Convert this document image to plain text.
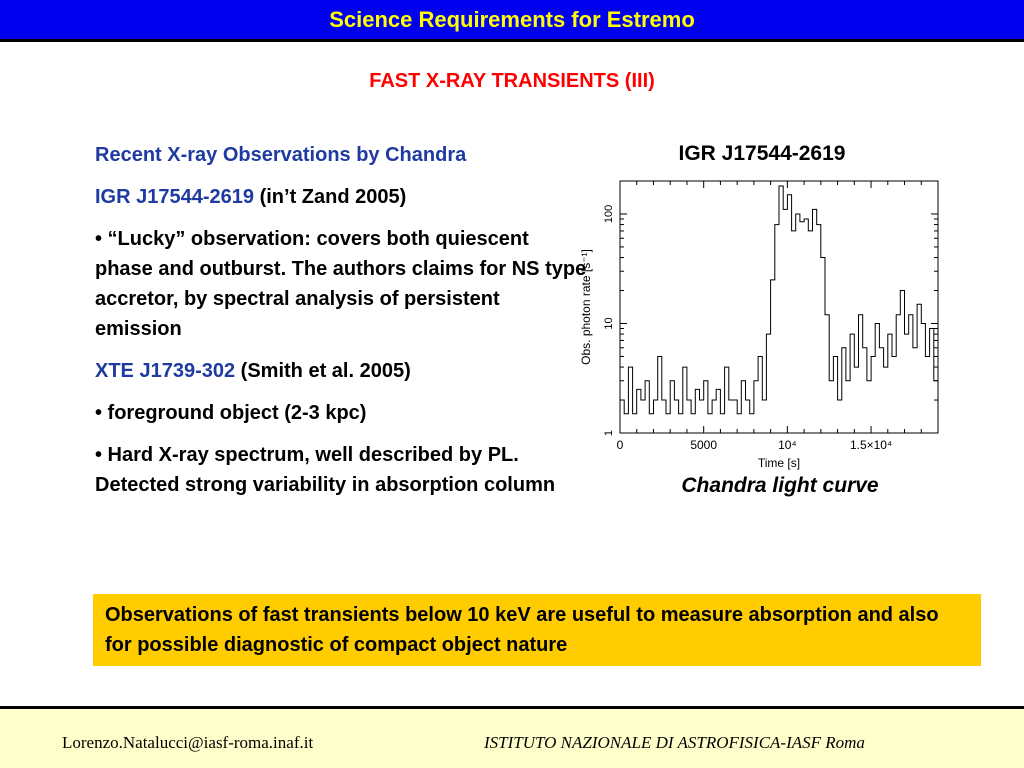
Science Requirements for Estremo
FAST X-RAY TRANSIENTS (III)

Recent X-ray Observations by Chandra

IGR J17544-2619 (in’t Zand 2005)

• “Lucky” observation: covers both quiescent phase and outburst. The authors claims for NS type accretor, by spectral analysis of persistent emission

XTE J1739-302 (Smith et al. 2005)

• foreground object (2-3 kpc)

• Hard X-ray spectrum, well described by PL. Detected strong variability in absorption column

IGR J17544-2619
1
10
100
0	5000	10⁴	1.5×10⁴
Time [s]
Obs. photon rate [s⁻¹]
Chandra light curve
Observations of fast transients below 10 keV are useful to measure absorption and also for possible diagnostic of compact object nature
Lorenzo.Natalucci@iasf-roma.inaf.it	ISTITUTO NAZIONALE DI ASTROFISICA-IASF Roma
